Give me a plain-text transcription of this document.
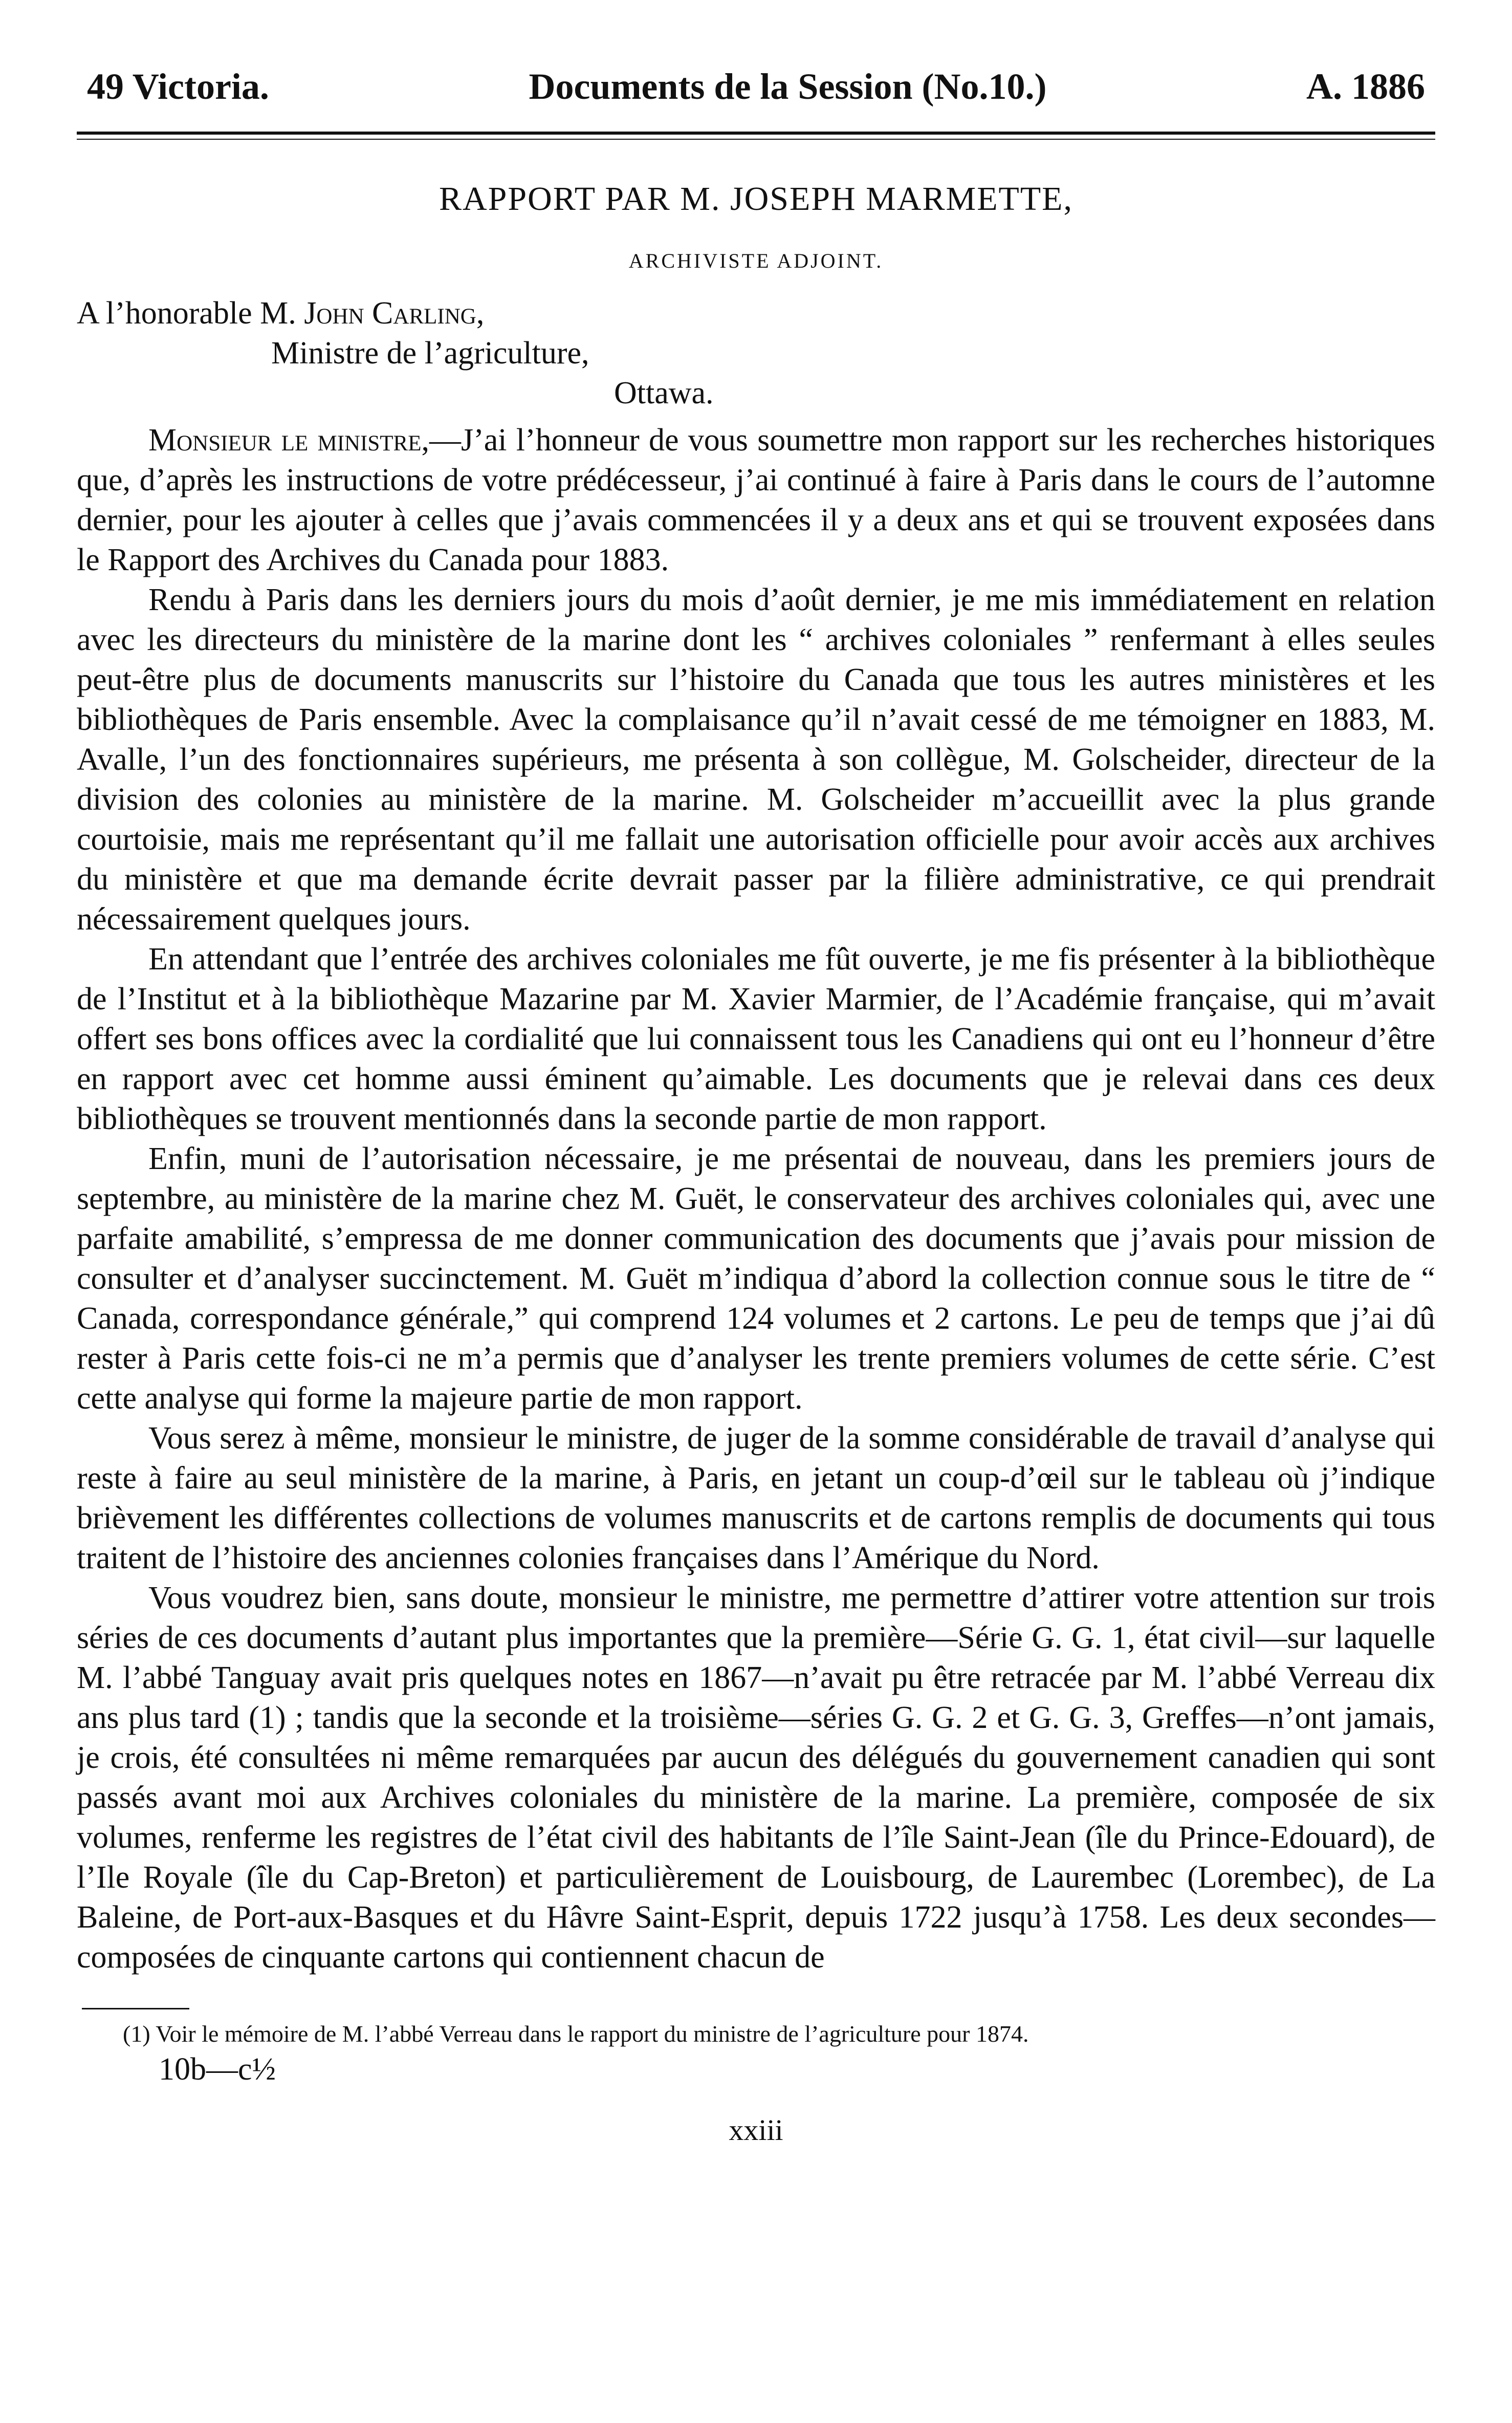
49 Victoria.	Documents de la Session (No.10.)	A. 1886
RAPPORT PAR M. JOSEPH MARMETTE,
ARCHIVISTE ADJOINT.
A l’honorable M. John Carling,
Ministre de l’agriculture,
Ottawa.

Monsieur le ministre,—J’ai l’honneur de vous soumettre mon rapport sur les recherches historiques que, d’après les instructions de votre prédécesseur, j’ai continué à faire à Paris dans le cours de l’automne dernier, pour les ajouter à celles que j’avais commencées il y a deux ans et qui se trouvent exposées dans le Rapport des Archives du Canada pour 1883.

Rendu à Paris dans les derniers jours du mois d’août dernier, je me mis immédiatement en relation avec les directeurs du ministère de la marine dont les “ archives coloniales ” renfermant à elles seules peut-être plus de documents manuscrits sur l’histoire du Canada que tous les autres ministères et les bibliothèques de Paris ensemble. Avec la complaisance qu’il n’avait cessé de me témoigner en 1883, M. Avalle, l’un des fonctionnaires supérieurs, me présenta à son collègue, M. Golscheider, directeur de la division des colonies au ministère de la marine. M. Golscheider m’accueillit avec la plus grande courtoisie, mais me représentant qu’il me fallait une autorisation officielle pour avoir accès aux archives du ministère et que ma demande écrite devrait passer par la filière administrative, ce qui prendrait nécessairement quelques jours.

En attendant que l’entrée des archives coloniales me fût ouverte, je me fis présenter à la bibliothèque de l’Institut et à la bibliothèque Mazarine par M. Xavier Marmier, de l’Académie française, qui m’avait offert ses bons offices avec la cordialité que lui connaissent tous les Canadiens qui ont eu l’honneur d’être en rapport avec cet homme aussi éminent qu’aimable. Les documents que je relevai dans ces deux bibliothèques se trouvent mentionnés dans la seconde partie de mon rapport.

Enfin, muni de l’autorisation nécessaire, je me présentai de nouveau, dans les premiers jours de septembre, au ministère de la marine chez M. Guët, le conservateur des archives coloniales qui, avec une parfaite amabilité, s’empressa de me donner communication des documents que j’avais pour mission de consulter et d’analyser succinctement. M. Guët m’indiqua d’abord la collection connue sous le titre de “ Canada, correspondance générale,” qui comprend 124 volumes et 2 cartons. Le peu de temps que j’ai dû rester à Paris cette fois-ci ne m’a permis que d’analyser les trente premiers volumes de cette série. C’est cette analyse qui forme la majeure partie de mon rapport.

Vous serez à même, monsieur le ministre, de juger de la somme considérable de travail d’analyse qui reste à faire au seul ministère de la marine, à Paris, en jetant un coup-d’œil sur le tableau où j’indique brièvement les différentes collections de volumes manuscrits et de cartons remplis de documents qui tous traitent de l’histoire des anciennes colonies françaises dans l’Amérique du Nord.

Vous voudrez bien, sans doute, monsieur le ministre, me permettre d’attirer votre attention sur trois séries de ces documents d’autant plus importantes que la première—Série G. G. 1, état civil—sur laquelle M. l’abbé Tanguay avait pris quelques notes en 1867—n’avait pu être retracée par M. l’abbé Verreau dix ans plus tard (1) ; tandis que la seconde et la troisième—séries G. G. 2 et G. G. 3, Greffes—n’ont jamais, je crois, été consultées ni même remarquées par aucun des délégués du gouvernement canadien qui sont passés avant moi aux Archives coloniales du ministère de la marine. La première, composée de six volumes, renferme les registres de l’état civil des habitants de l’île Saint-Jean (île du Prince-Edouard), de l’Ile Royale (île du Cap-Breton) et particulièrement de Louisbourg, de Laurembec (Lorembec), de La Baleine, de Port-aux-Basques et du Hâvre Saint-Esprit, depuis 1722 jusqu’à 1758. Les deux secondes—composées de cinquante cartons qui contiennent chacun de

(1) Voir le mémoire de M. l’abbé Verreau dans le rapport du ministre de l’agriculture pour 1874.
10b—c½
xxiii
